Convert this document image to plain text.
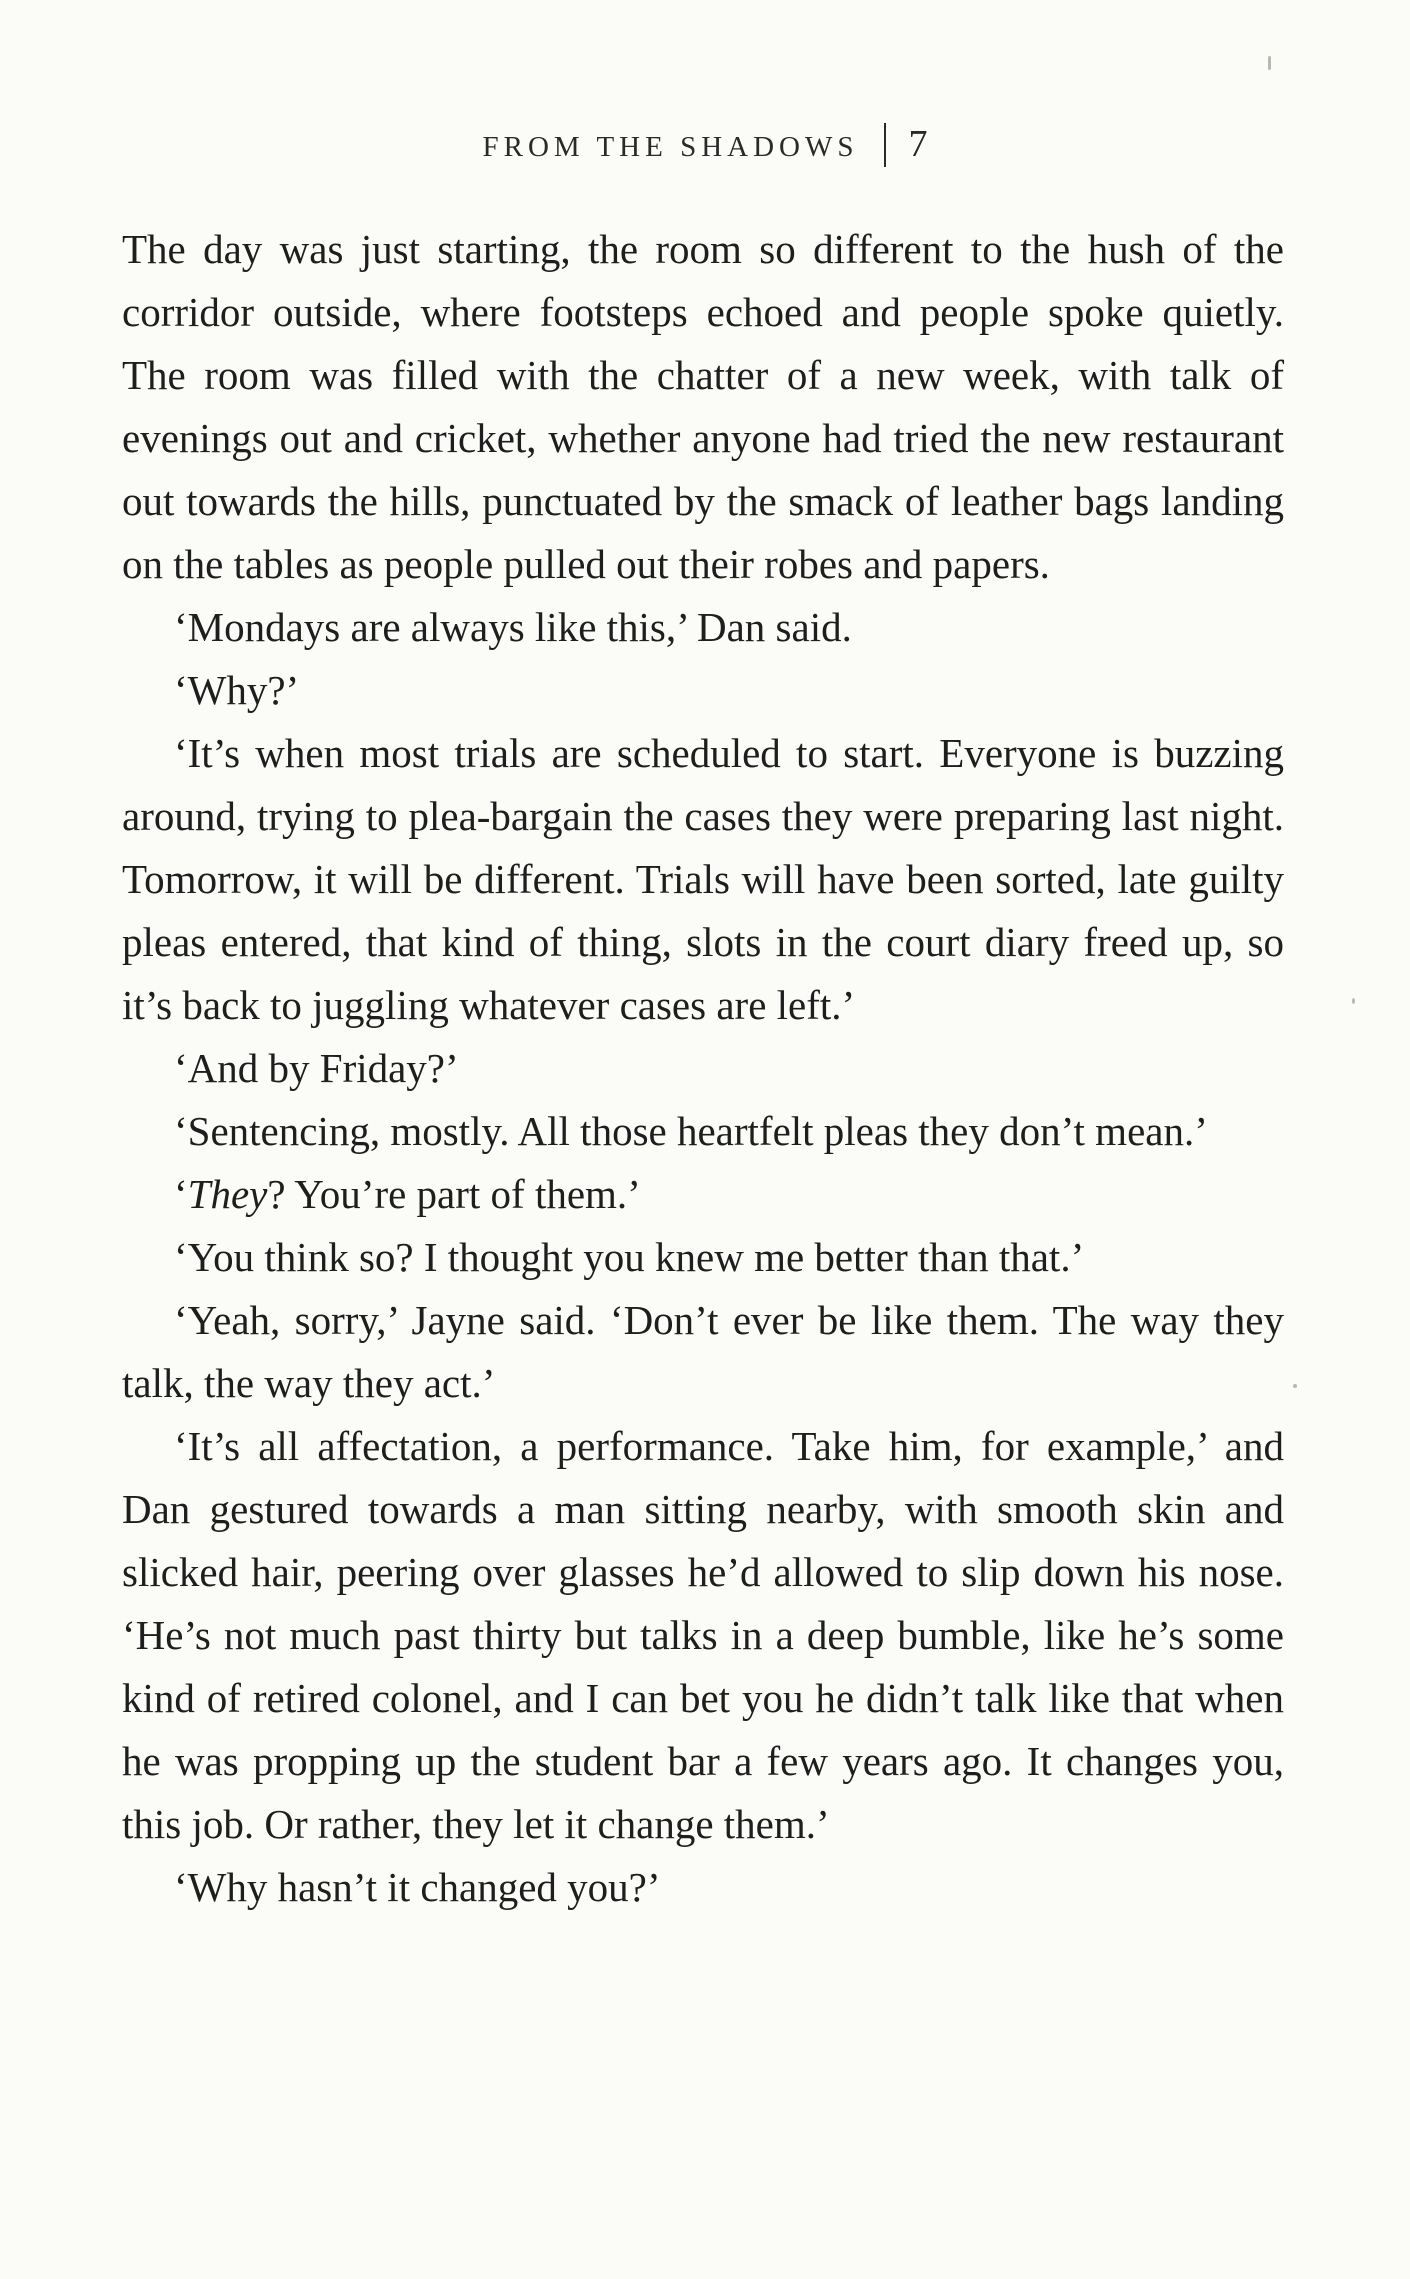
FROM THE SHADOWS 7

The day was just starting, the room so different to the hush of the corridor outside, where footsteps echoed and people spoke quietly. The room was filled with the chatter of a new week, with talk of evenings out and cricket, whether anyone had tried the new restaurant out towards the hills, punctuated by the smack of leather bags landing on the tables as people pulled out their robes and papers.

‘Mondays are always like this,’ Dan said.

‘Why?’

‘It’s when most trials are scheduled to start. Everyone is buzzing around, trying to plea-bargain the cases they were preparing last night. Tomorrow, it will be different. Trials will have been sorted, late guilty pleas entered, that kind of thing, slots in the court diary freed up, so it’s back to juggling whatever cases are left.’

‘And by Friday?’

‘Sentencing, mostly. All those heartfelt pleas they don’t mean.’

‘They? You’re part of them.’

‘You think so? I thought you knew me better than that.’

‘Yeah, sorry,’ Jayne said. ‘Don’t ever be like them. The way they talk, the way they act.’

‘It’s all affectation, a performance. Take him, for example,’ and Dan gestured towards a man sitting nearby, with smooth skin and slicked hair, peering over glasses he’d allowed to slip down his nose. ‘He’s not much past thirty but talks in a deep bumble, like he’s some kind of retired colonel, and I can bet you he didn’t talk like that when he was propping up the student bar a few years ago. It changes you, this job. Or rather, they let it change them.’

‘Why hasn’t it changed you?’
